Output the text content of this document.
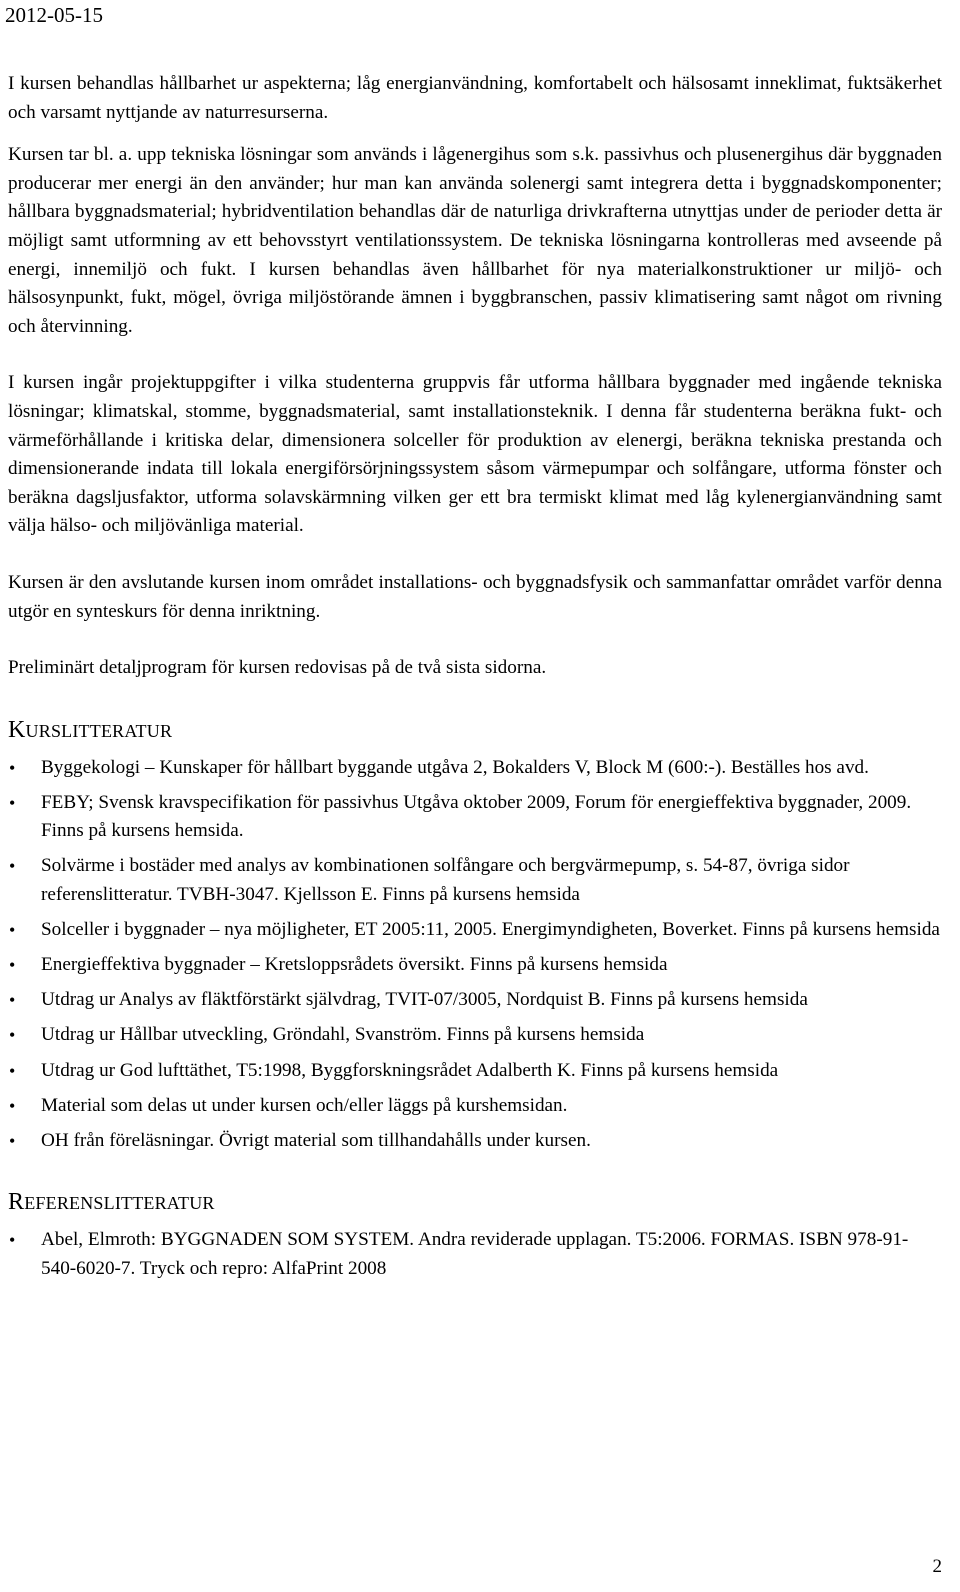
2012-05-15

I kursen behandlas hållbarhet ur aspekterna; låg energianvändning, komfortabelt och hälsosamt inneklimat, fuktsäkerhet och varsamt nyttjande av naturresurserna.

Kursen tar bl. a. upp tekniska lösningar som används i lågenergihus som s.k. passivhus och plusenergihus där byggnaden producerar mer energi än den använder; hur man kan använda solenergi samt integrera detta i byggnadskomponenter; hållbara byggnadsmaterial; hybridventilation behandlas där de naturliga drivkrafterna utnyttjas under de perioder detta är möjligt samt utformning av ett behovsstyrt ventilationssystem. De tekniska lösningarna kontrolleras med avseende på energi, innemiljö och fukt. I kursen behandlas även hållbarhet för nya materialkonstruktioner ur miljö- och hälsosynpunkt, fukt, mögel, övriga miljöstörande ämnen i byggbranschen, passiv klimatisering samt något om rivning och återvinning.

I kursen ingår projektuppgifter i vilka studenterna gruppvis får utforma hållbara byggnader med ingående tekniska lösningar; klimatskal, stomme, byggnadsmaterial, samt installationsteknik. I denna får studenterna beräkna fukt- och värmeförhållande i kritiska delar, dimensionera solceller för produktion av elenergi, beräkna tekniska prestanda och dimensionerande indata till lokala energiförsörjningssystem såsom värmepumpar och solfångare, utforma fönster och beräkna dagsljusfaktor, utforma solavskärmning vilken ger ett bra termiskt klimat med låg kylenergianvändning samt välja hälso- och miljövänliga material.

Kursen är den avslutande kursen inom området installations- och byggnadsfysik och sammanfattar området varför denna utgör en synteskurs för denna inriktning.

Preliminärt detaljprogram för kursen redovisas på de två sista sidorna.

KURSLITTERATUR
• Byggekologi – Kunskaper för hållbart byggande utgåva 2, Bokalders V, Block M (600:-). Beställes hos avd.
• FEBY; Svensk kravspecifikation för passivhus Utgåva oktober 2009, Forum för energieffektiva byggnader, 2009. Finns på kursens hemsida.
• Solvärme i bostäder med analys av kombinationen solfångare och bergvärmepump, s. 54-87, övriga sidor referenslitteratur. TVBH-3047. Kjellsson E. Finns på kursens hemsida
• Solceller i byggnader – nya möjligheter, ET 2005:11, 2005. Energimyndigheten, Boverket. Finns på kursens hemsida
• Energieffektiva byggnader – Kretsloppsrådets översikt. Finns på kursens hemsida
• Utdrag ur Analys av fläktförstärkt självdrag, TVIT-07/3005, Nordquist B. Finns på kursens hemsida
• Utdrag ur Hållbar utveckling, Gröndahl, Svanström. Finns på kursens hemsida
• Utdrag ur God lufttäthet, T5:1998, Byggforskningsrådet Adalberth K. Finns på kursens hemsida
• Material som delas ut under kursen och/eller läggs på kurshemsidan.
• OH från föreläsningar. Övrigt material som tillhandahålls under kursen.
REFERENSLITTERATUR
• Abel, Elmroth: BYGGNADEN SOM SYSTEM. Andra reviderade upplagan. T5:2006. FORMAS. ISBN 978-91-540-6020-7. Tryck och repro: AlfaPrint 2008
2
